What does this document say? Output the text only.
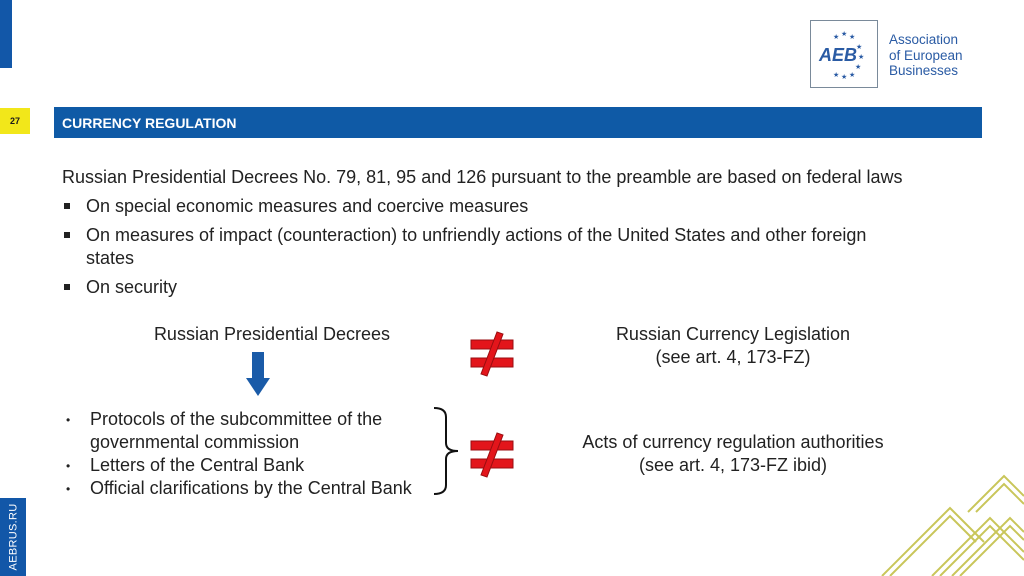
AEBRUS.RU
27	CURRENCY REGULATION
★ ★ ★
★
★
★
★
★
★
AEB
Association
of European
Businesses
Russian Presidential Decrees No. 79, 81, 95 and 126 pursuant to the preamble are based on federal laws
On special economic measures and coercive measures
On measures of impact (counteraction) to unfriendly actions of the United States and other foreign
states
On security
Russian Presidential Decrees	Russian Currency Legislation
(see art. 4, 173-FZ)
• Protocols of the subcommittee of the
governmental commission
• Letters of the Central Bank
• Official clarifications by the Central Bank
Acts of currency regulation authorities
(see art. 4, 173-FZ ibid)
